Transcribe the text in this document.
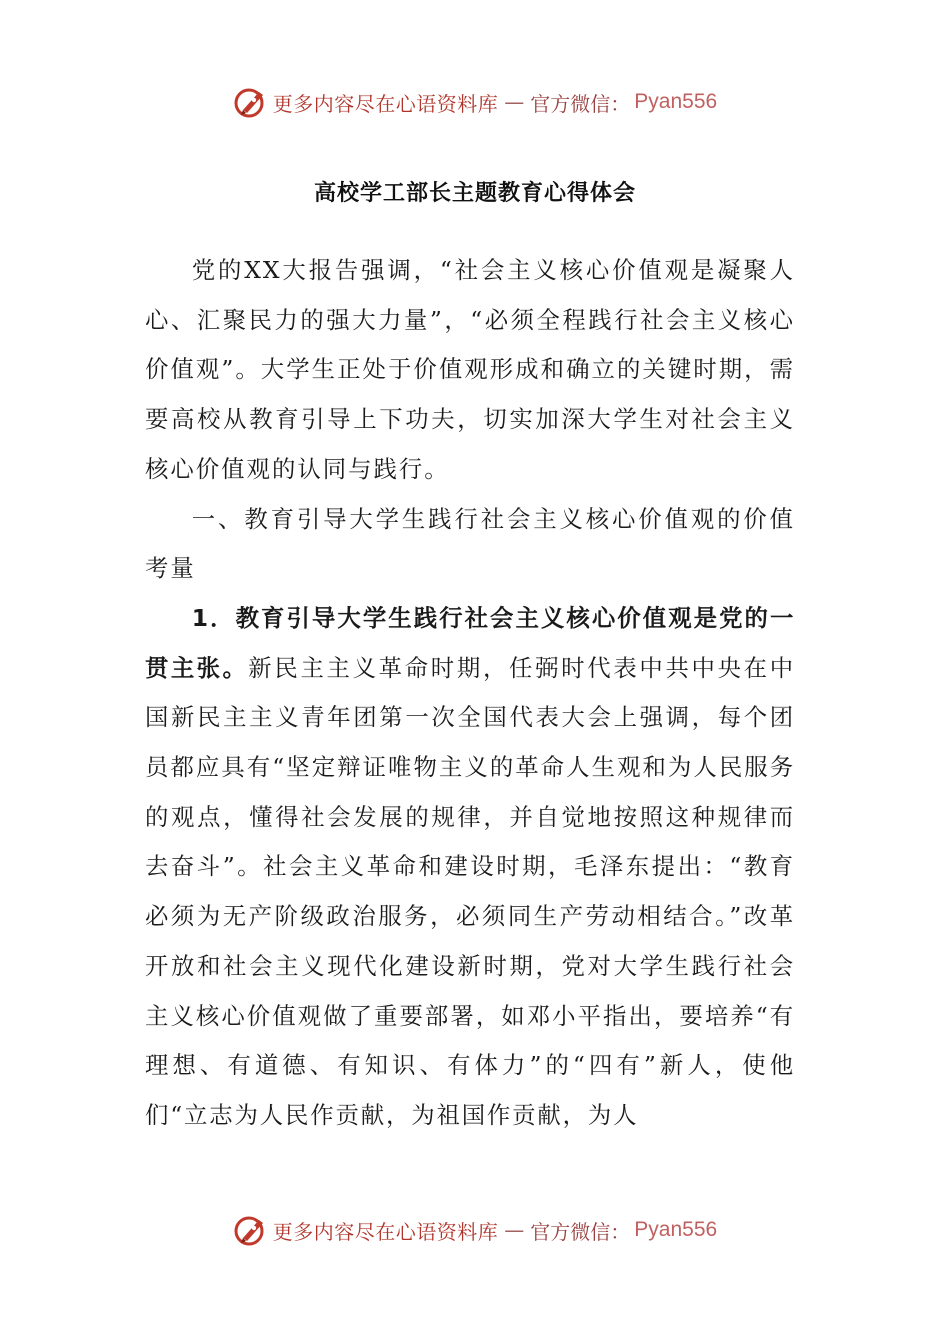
更多内容尽在心语资料库 — 官方微信： Pyan556
高校学工部长主题教育心得体会

党的XX大报告强调，“社会主义核心价值观是凝聚人心、汇聚民力的强大力量”，“必须全程践行社会主义核心价值观”。大学生正处于价值观形成和确立的关键时期，需要高校从教育引导上下功夫，切实加深大学生对社会主义核心价值观的认同与践行。

一、教育引导大学生践行社会主义核心价值观的价值考量

1．教育引导大学生践行社会主义核心价值观是党的一贯主张。新民主主义革命时期，任弼时代表中共中央在中国新民主主义青年团第一次全国代表大会上强调，每个团员都应具有“坚定辩证唯物主义的革命人生观和为人民服务的观点，懂得社会发展的规律，并自觉地按照这种规律而去奋斗”。社会主义革命和建设时期，毛泽东提出：“教育必须为无产阶级政治服务，必须同生产劳动相结合。”改革开放和社会主义现代化建设新时期，党对大学生践行社会主义核心价值观做了重要部署，如邓小平指出，要培养“有理想、有道德、有知识、有体力”的“四有”新人，使他们“立志为人民作贡献，为祖国作贡献，为人

更多内容尽在心语资料库 — 官方微信： Pyan556
